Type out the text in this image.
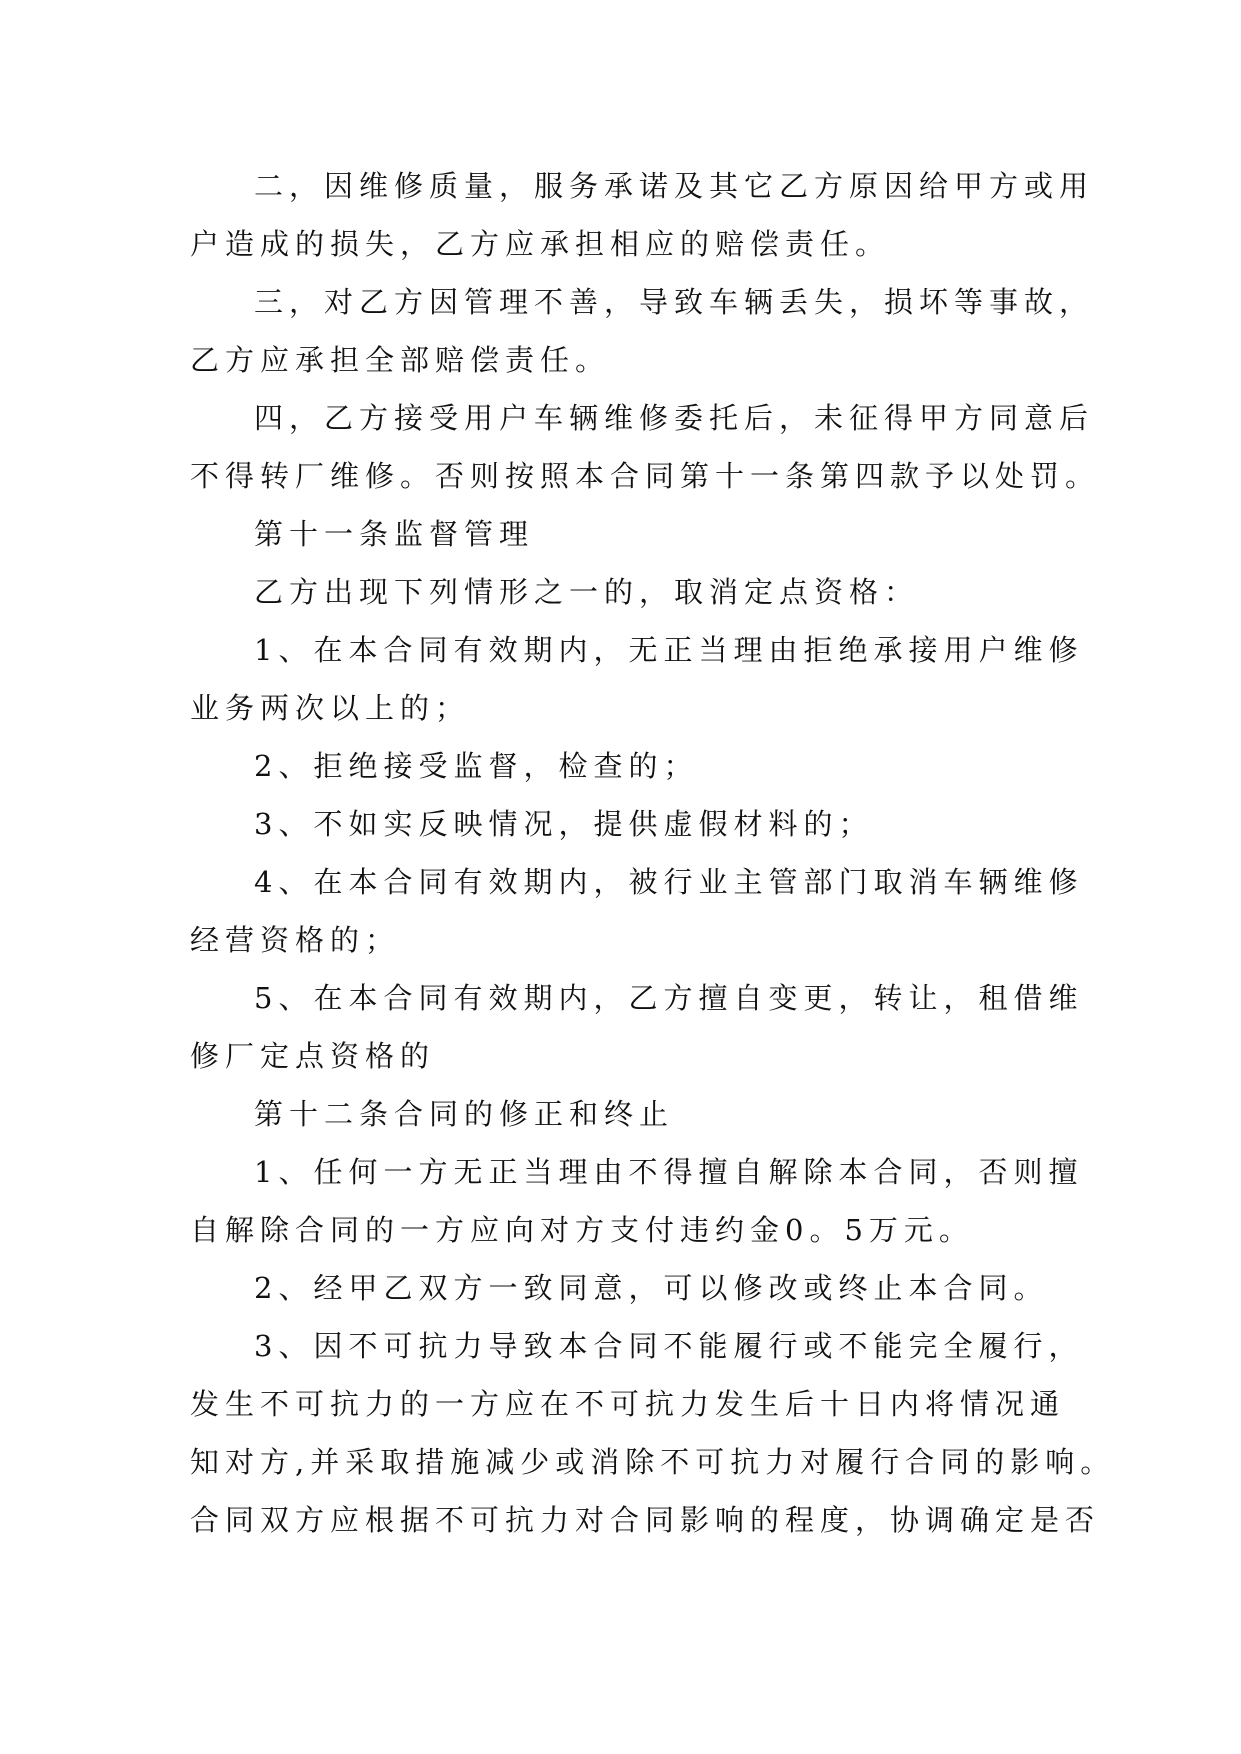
二，因维修质量，服务承诺及其它乙方原因给甲方或用
户造成的损失，乙方应承担相应的赔偿责任。
三，对乙方因管理不善，导致车辆丢失，损坏等事故，
乙方应承担全部赔偿责任。
四，乙方接受用户车辆维修委托后，未征得甲方同意后
不得转厂维修。否则按照本合同第十一条第四款予以处罚。
第十一条监督管理
乙方出现下列情形之一的，取消定点资格：
1、在本合同有效期内，无正当理由拒绝承接用户维修
业务两次以上的；
2、拒绝接受监督，检查的；
3、不如实反映情况，提供虚假材料的；
4、在本合同有效期内，被行业主管部门取消车辆维修
经营资格的；
5、在本合同有效期内，乙方擅自变更，转让，租借维
修厂定点资格的
第十二条合同的修正和终止
1、任何一方无正当理由不得擅自解除本合同，否则擅
自解除合同的一方应向对方支付违约金0。5万元。
2、经甲乙双方一致同意，可以修改或终止本合同。
3、因不可抗力导致本合同不能履行或不能完全履行，
发生不可抗力的一方应在不可抗力发生后十日内将情况通
知对方,并采取措施减少或消除不可抗力对履行合同的影响。
合同双方应根据不可抗力对合同影响的程度，协调确定是否
